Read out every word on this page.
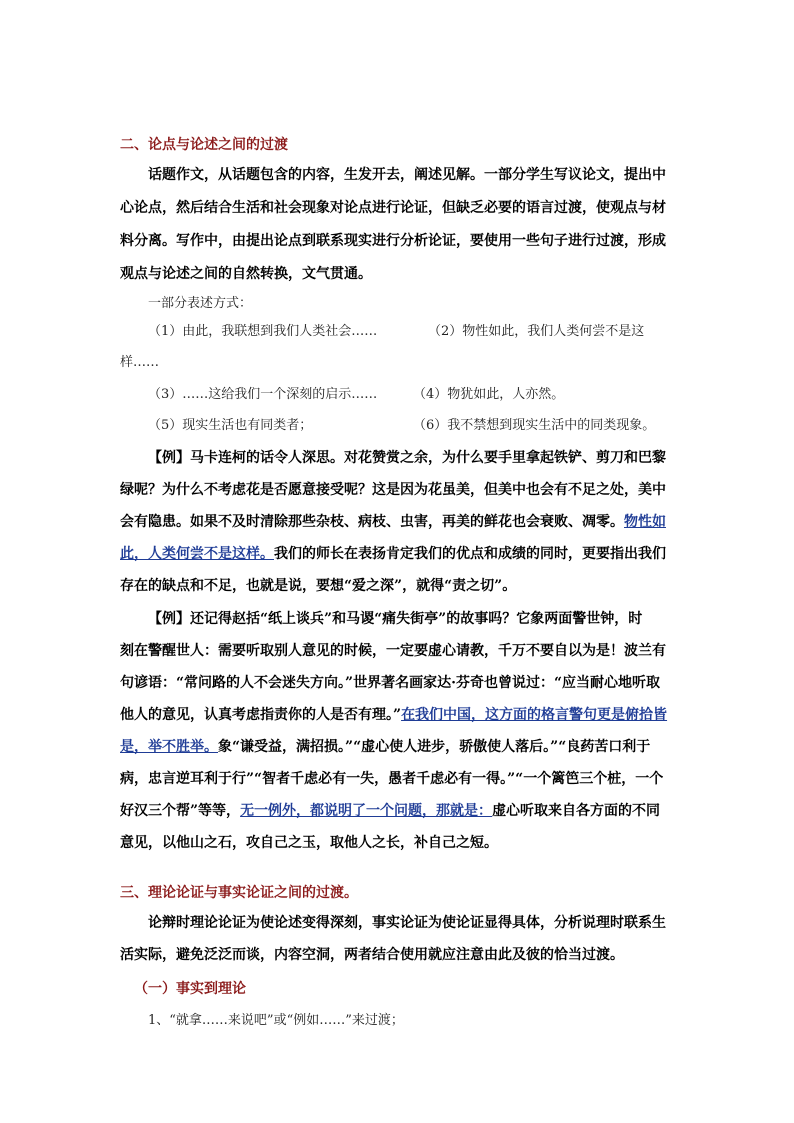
二、论点与论述之间的过渡
话题作文，从话题包含的内容，生发开去，阐述见解。一部分学生写议论文，提出中
心论点，然后结合生活和社会现象对论点进行论证，但缺乏必要的语言过渡，使观点与材
料分离。写作中，由提出论点到联系现实进行分析论证，要使用一些句子进行过渡，形成
观点与论述之间的自然转换，文气贯通。
一部分表述方式：
（1）由此，我联想到我们人类社会……	（2）物性如此，我们人类何尝不是这
样……
（3）……这给我们一个深刻的启示……	（4）物犹如此，人亦然。
（5）现实生活也有同类者；	（6）我不禁想到现实生活中的同类现象。
【例】马卡连柯的话令人深思。对花赞赏之余，为什么要手里拿起铁铲、剪刀和巴黎
绿呢？为什么不考虑花是否愿意接受呢？这是因为花虽美，但美中也会有不足之处，美中
会有隐患。如果不及时清除那些杂枝、病枝、虫害，再美的鲜花也会衰败、凋零。物性如
此，人类何尝不是这样。我们的师长在表扬肯定我们的优点和成绩的同时，更要指出我们
存在的缺点和不足，也就是说，要想“爱之深”，就得“责之切”。
【例】还记得赵括“纸上谈兵”和马谡“痛失街亭”的故事吗？它象两面警世钟，时
刻在警醒世人：需要听取别人意见的时候，一定要虚心请教，千万不要自以为是！波兰有
句谚语：“常问路的人不会迷失方向。”世界著名画家达·芬奇也曾说过：“应当耐心地听取
他人的意见，认真考虑指责你的人是否有理。”在我们中国，这方面的格言警句更是俯拾皆
是，举不胜举。象“谦受益，满招损。”“虚心使人进步，骄傲使人落后。”“良药苦口利于
病，忠言逆耳利于行”“智者千虑必有一失，愚者千虑必有一得。”“一个篱笆三个桩，一个
好汉三个帮”等等，无一例外，都说明了一个问题，那就是：虚心听取来自各方面的不同
意见，以他山之石，攻自己之玉，取他人之长，补自己之短。
三、理论论证与事实论证之间的过渡。
论辩时理论论证为使论述变得深刻，事实论证为使论证显得具体，分析说理时联系生
活实际，避免泛泛而谈，内容空洞，两者结合使用就应注意由此及彼的恰当过渡。
（一）事实到理论
1、“就拿……来说吧”或“例如……”来过渡；
